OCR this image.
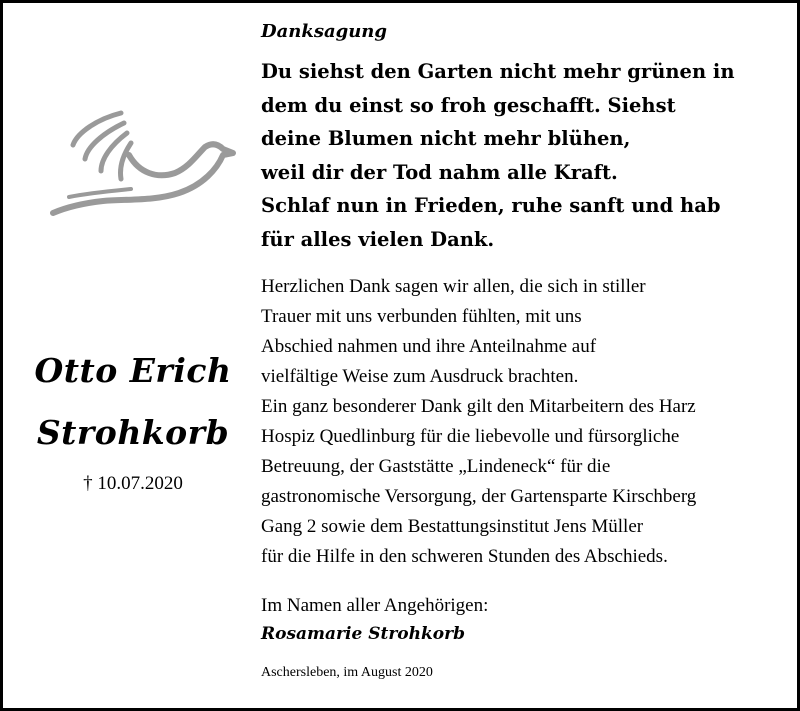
Otto Erich
Strohkorb
† 10.07.2020
Danksagung
Du siehst den Garten nicht mehr grünen in
dem du einst so froh geschafft. Siehst
deine Blumen nicht mehr blühen,
weil dir der Tod nahm alle Kraft.
Schlaf nun in Frieden, ruhe sanft und hab
für alles vielen Dank.
Herzlichen Dank sagen wir allen, die sich in stiller
Trauer mit uns verbunden fühlten, mit uns
Abschied nahmen und ihre Anteilnahme auf
vielfältige Weise zum Ausdruck brachten.
Ein ganz besonderer Dank gilt den Mitarbeitern des Harz
Hospiz Quedlinburg für die liebevolle und fürsorgliche
Betreuung, der Gaststätte „Lindeneck“ für die
gastronomische Versorgung, der Gartensparte Kirschberg
Gang 2 sowie dem Bestattungsinstitut Jens Müller
für die Hilfe in den schweren Stunden des Abschieds.
Im Namen aller Angehörigen:
Rosamarie Strohkorb
Aschersleben, im August 2020
